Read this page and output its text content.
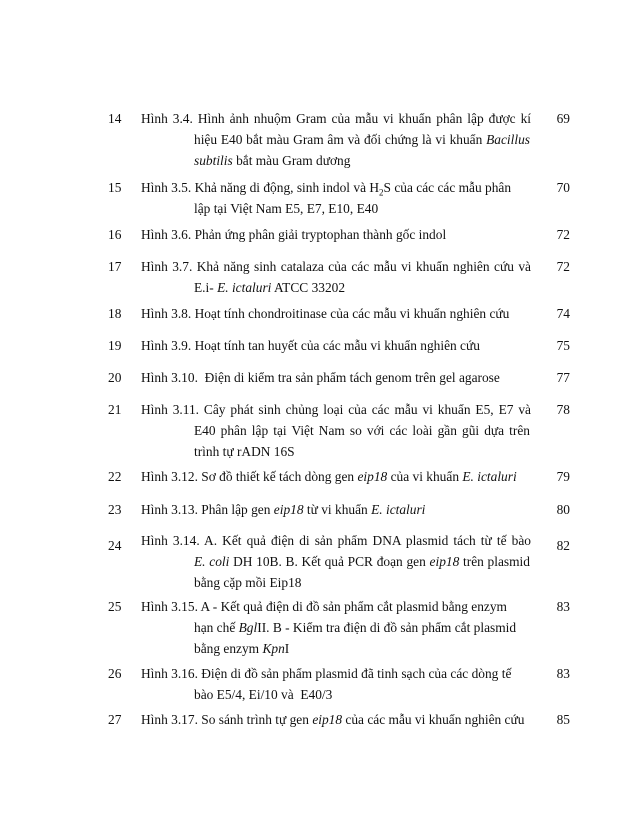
14	Hình 3.4. Hình ảnh nhuộm Gram của mẫu vi khuẩn phân lập được kí	69
hiệu E40 bắt màu Gram âm và đối chứng là vi khuẩn Bacillus
subtilis bắt màu Gram dương
15	Hình 3.5. Khả năng di động, sinh indol và $H_2S$ của các các mẫu phân	70
lập tại Việt Nam E5, E7, E10, E40
16	Hình 3.6. Phản ứng phân giải tryptophan thành gốc indol	72
17	Hình 3.7. Khả năng sinh catalaza của các mẫu vi khuẩn nghiên cứu và	72
E.i- E. ictaluri ATCC 33202
18	Hình 3.8. Hoạt tính chondroitinase của các mẫu vi khuẩn nghiên cứu	74
19	Hình 3.9. Hoạt tính tan huyết của các mẫu vi khuẩn nghiên cứu	75
20	Hình 3.10.  Điện di kiểm tra sản phẩm tách genom trên gel agarose	77
21	Hình 3.11. Cây phát sinh chủng loại của các mẫu vi khuẩn E5, E7 và	78
E40 phân lập tại Việt Nam so với các loài gần gũi dựa trên
trình tự rADN 16S
22	Hình 3.12. Sơ đồ thiết kế tách dòng gen eip18 của vi khuẩn E. ictaluri	79
23	Hình 3.13. Phân lập gen eip18 từ vi khuẩn E. ictaluri	80
24	Hình 3.14. A. Kết quả điện di sản phẩm DNA plasmid tách từ tế bào	82
E. coli DH 10B. B. Kết quả PCR đoạn gen eip18 trên plasmid
bằng cặp mồi Eip18
25	Hình 3.15. A - Kết quả điện di đồ sản phẩm cắt plasmid bằng enzym	83
hạn chế BglII. B - Kiểm tra điện di đồ sản phẩm cắt plasmid
bằng enzym KpnI
26	Hình 3.16. Điện di đồ sản phẩm plasmid đã tinh sạch của các dòng tế	83
bào E5/4, Ei/10 và  E40/3
27	Hình 3.17. So sánh trình tự gen eip18 của các mẫu vi khuẩn nghiên cứu	85
